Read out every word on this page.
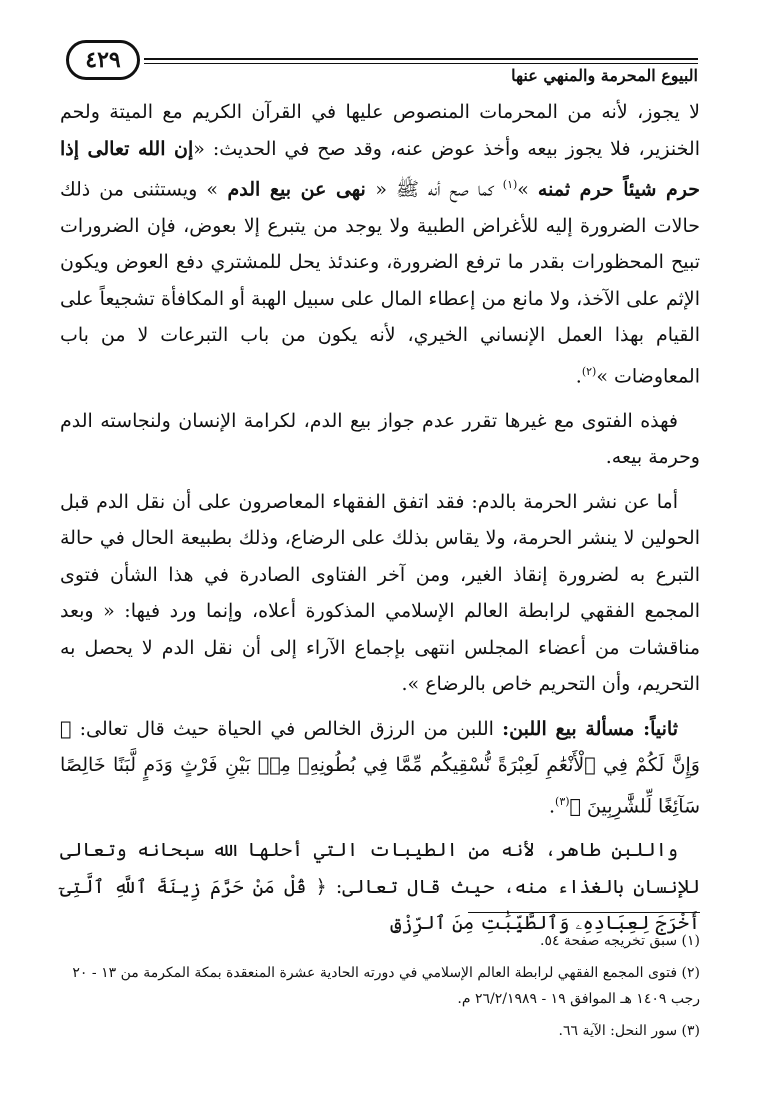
٤٢٩
البيوع المحرمة والمنهي عنها

لا يجوز، لأنه من المحرمات المنصوص عليها في القرآن الكريم مع الميتة ولحم الخنزير، فلا يجوز بيعه وأخذ عوض عنه، وقد صح في الحديث: «إن الله تعالى إذا حرم شيئاً حرم ثمنه »$^{(١)}$ كما صح أنه ﷺ « نهى عن بيع الدم » ويستثنى من ذلك حالات الضرورة إليه للأغراض الطبية ولا يوجد من يتبرع إلا بعوض، فإن الضرورات تبيح المحظورات بقدر ما ترفع الضرورة، وعندئذ يحل للمشتري دفع العوض ويكون الإثم على الآخذ، ولا مانع من إعطاء المال على سبيل الهبة أو المكافأة تشجيعاً على القيام بهذا العمل الإنساني الخيري، لأنه يكون من باب التبرعات لا من باب المعاوضات »$^{(٢)}$.

فهذه الفتوى مع غيرها تقرر عدم جواز بيع الدم، لكرامة الإنسان ولنجاسته الدم وحرمة بيعه.

أما عن نشر الحرمة بالدم: فقد اتفق الفقهاء المعاصرون على أن نقل الدم قبل الحولين لا ينشر الحرمة، ولا يقاس بذلك على الرضاع، وذلك بطبيعة الحال في حالة التبرع به لضرورة إنقاذ الغير، ومن آخر الفتاوى الصادرة في هذا الشأن فتوى المجمع الفقهي لرابطة العالم الإسلامي المذكورة أعلاه، وإنما ورد فيها: « وبعد مناقشات من أعضاء المجلس انتهى بإجماع الآراء إلى أن نقل الدم لا يحصل به التحريم، وأن التحريم خاص بالرضاع ».

ثانياً: مسألة بيع اللبن: اللبن من الرزق الخالص في الحياة حيث قال تعالى: ﴿ وَإِنَّ لَكُمْ فِي ٱلْأَنْعَٰمِ لَعِبْرَةً نُّسْقِيكُم مِّمَّا فِي بُطُونِهِۦ مِنۢ بَيْنِ فَرْثٍ وَدَمٍ لَّبَنًا خَالِصًا سَآئِغًا لِّلشَّٰرِبِينَ ﴾$^{(٣)}$.

واللبن طاهر، لأنه من الطيبات التي أحلها الله سبحانه وتعالى للإنسان بالغذاء منه، حيث قال تعالى: ﴿ قُلْ مَنْ حَرَّمَ زِينَةَ ٱللَّهِ ٱلَّتِىٓ أَخْرَجَ لِعِبَادِهِۦ وَٱلطَّيِّبَٰتِ مِنَ ٱلرِّزْقِ

(١) سبق تخريجه صفحة ٥٤.

(٢) فتوى المجمع الفقهي لرابطة العالم الإسلامي في دورته الحادية عشرة المنعقدة بمكة المكرمة من ١٣ - ٢٠ رجب ١٤٠٩ هـ الموافق ١٩ - ٢٦/٢/١٩٨٩ م.

(٣) سور النحل: الآية ٦٦.
